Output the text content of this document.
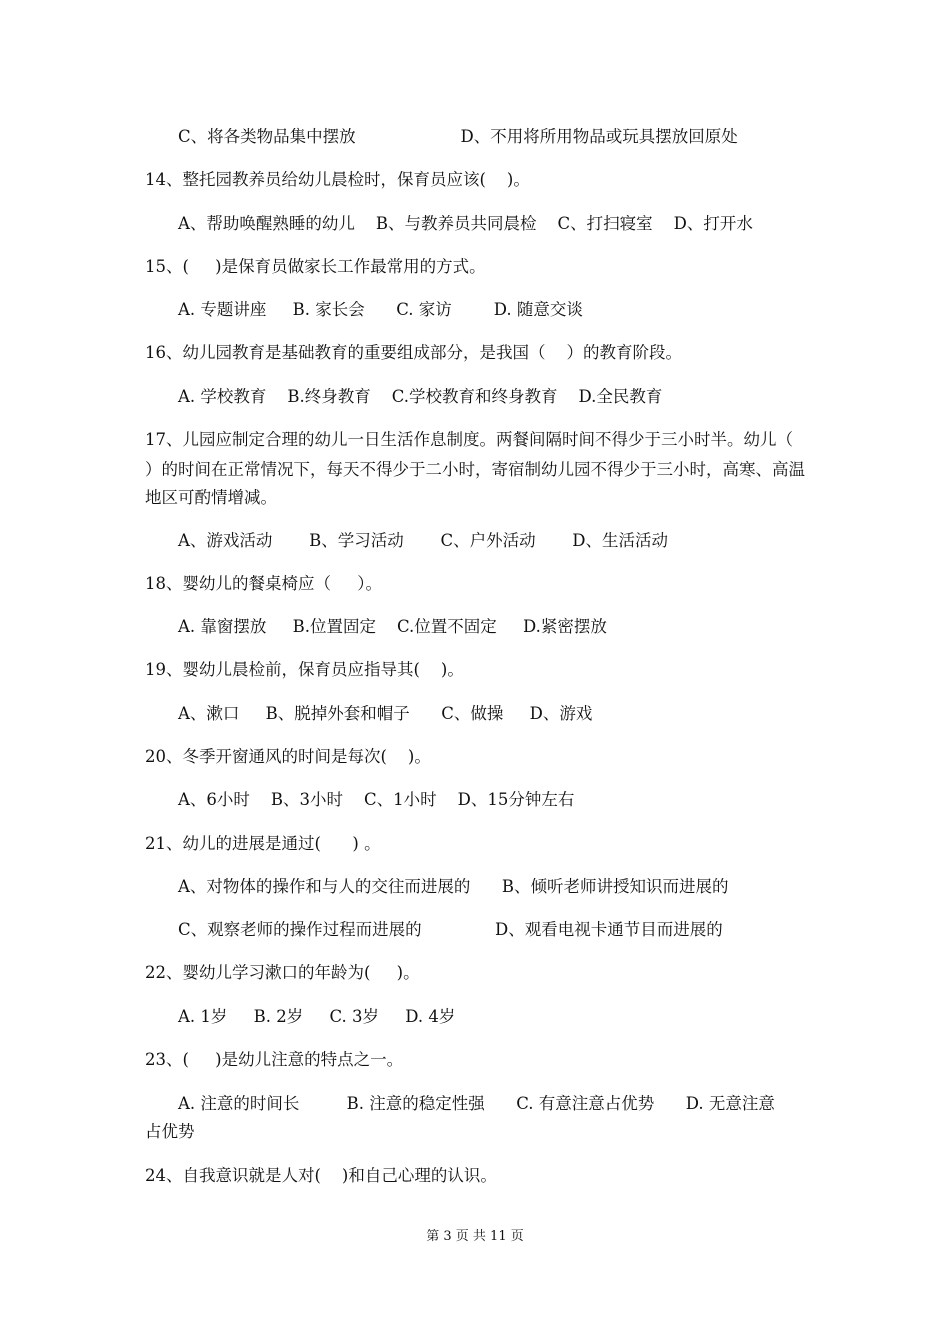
C、将各类物品集中摆放                    D、不用将所用物品或玩具摆放回原处
14、整托园教养员给幼儿晨检时，保育员应该(    )。
A、帮助唤醒熟睡的幼儿    B、与教养员共同晨检    C、打扫寝室    D、打开水
15、(     )是保育员做家长工作最常用的方式。
A. 专题讲座     B. 家长会      C. 家访        D. 随意交谈
16、幼儿园教育是基础教育的重要组成部分，是我国（    ）的教育阶段。
A. 学校教育    B.终身教育    C.学校教育和终身教育    D.全民教育
17、儿园应制定合理的幼儿一日生活作息制度。两餐间隔时间不得少于三小时半。幼儿（
）的时间在正常情况下，每天不得少于二小时，寄宿制幼儿园不得少于三小时，高寒、高温
地区可酌情增减。
A、游戏活动       B、学习活动       C、户外活动       D、生活活动
18、婴幼儿的餐桌椅应（     ）。
A. 靠窗摆放     B.位置固定    C.位置不固定     D.紧密摆放
19、婴幼儿晨检前，保育员应指导其(    )。
A、漱口     B、脱掉外套和帽子      C、做操     D、游戏
20、冬季开窗通风的时间是每次(    )。
A、6小时    B、3小时    C、1小时    D、15分钟左右
21、幼儿的进展是通过(      ) 。
A、对物体的操作和与人的交往而进展的      B、倾听老师讲授知识而进展的
C、观察老师的操作过程而进展的              D、观看电视卡通节目而进展的
22、婴幼儿学习漱口的年龄为(     )。
A. 1岁     B. 2岁     C. 3岁     D. 4岁
23、(     )是幼儿注意的特点之一。
A. 注意的时间长         B. 注意的稳定性强      C. 有意注意占优势      D. 无意注意
占优势
24、自我意识就是人对(    )和自己心理的认识。
第 3 页 共 11 页
